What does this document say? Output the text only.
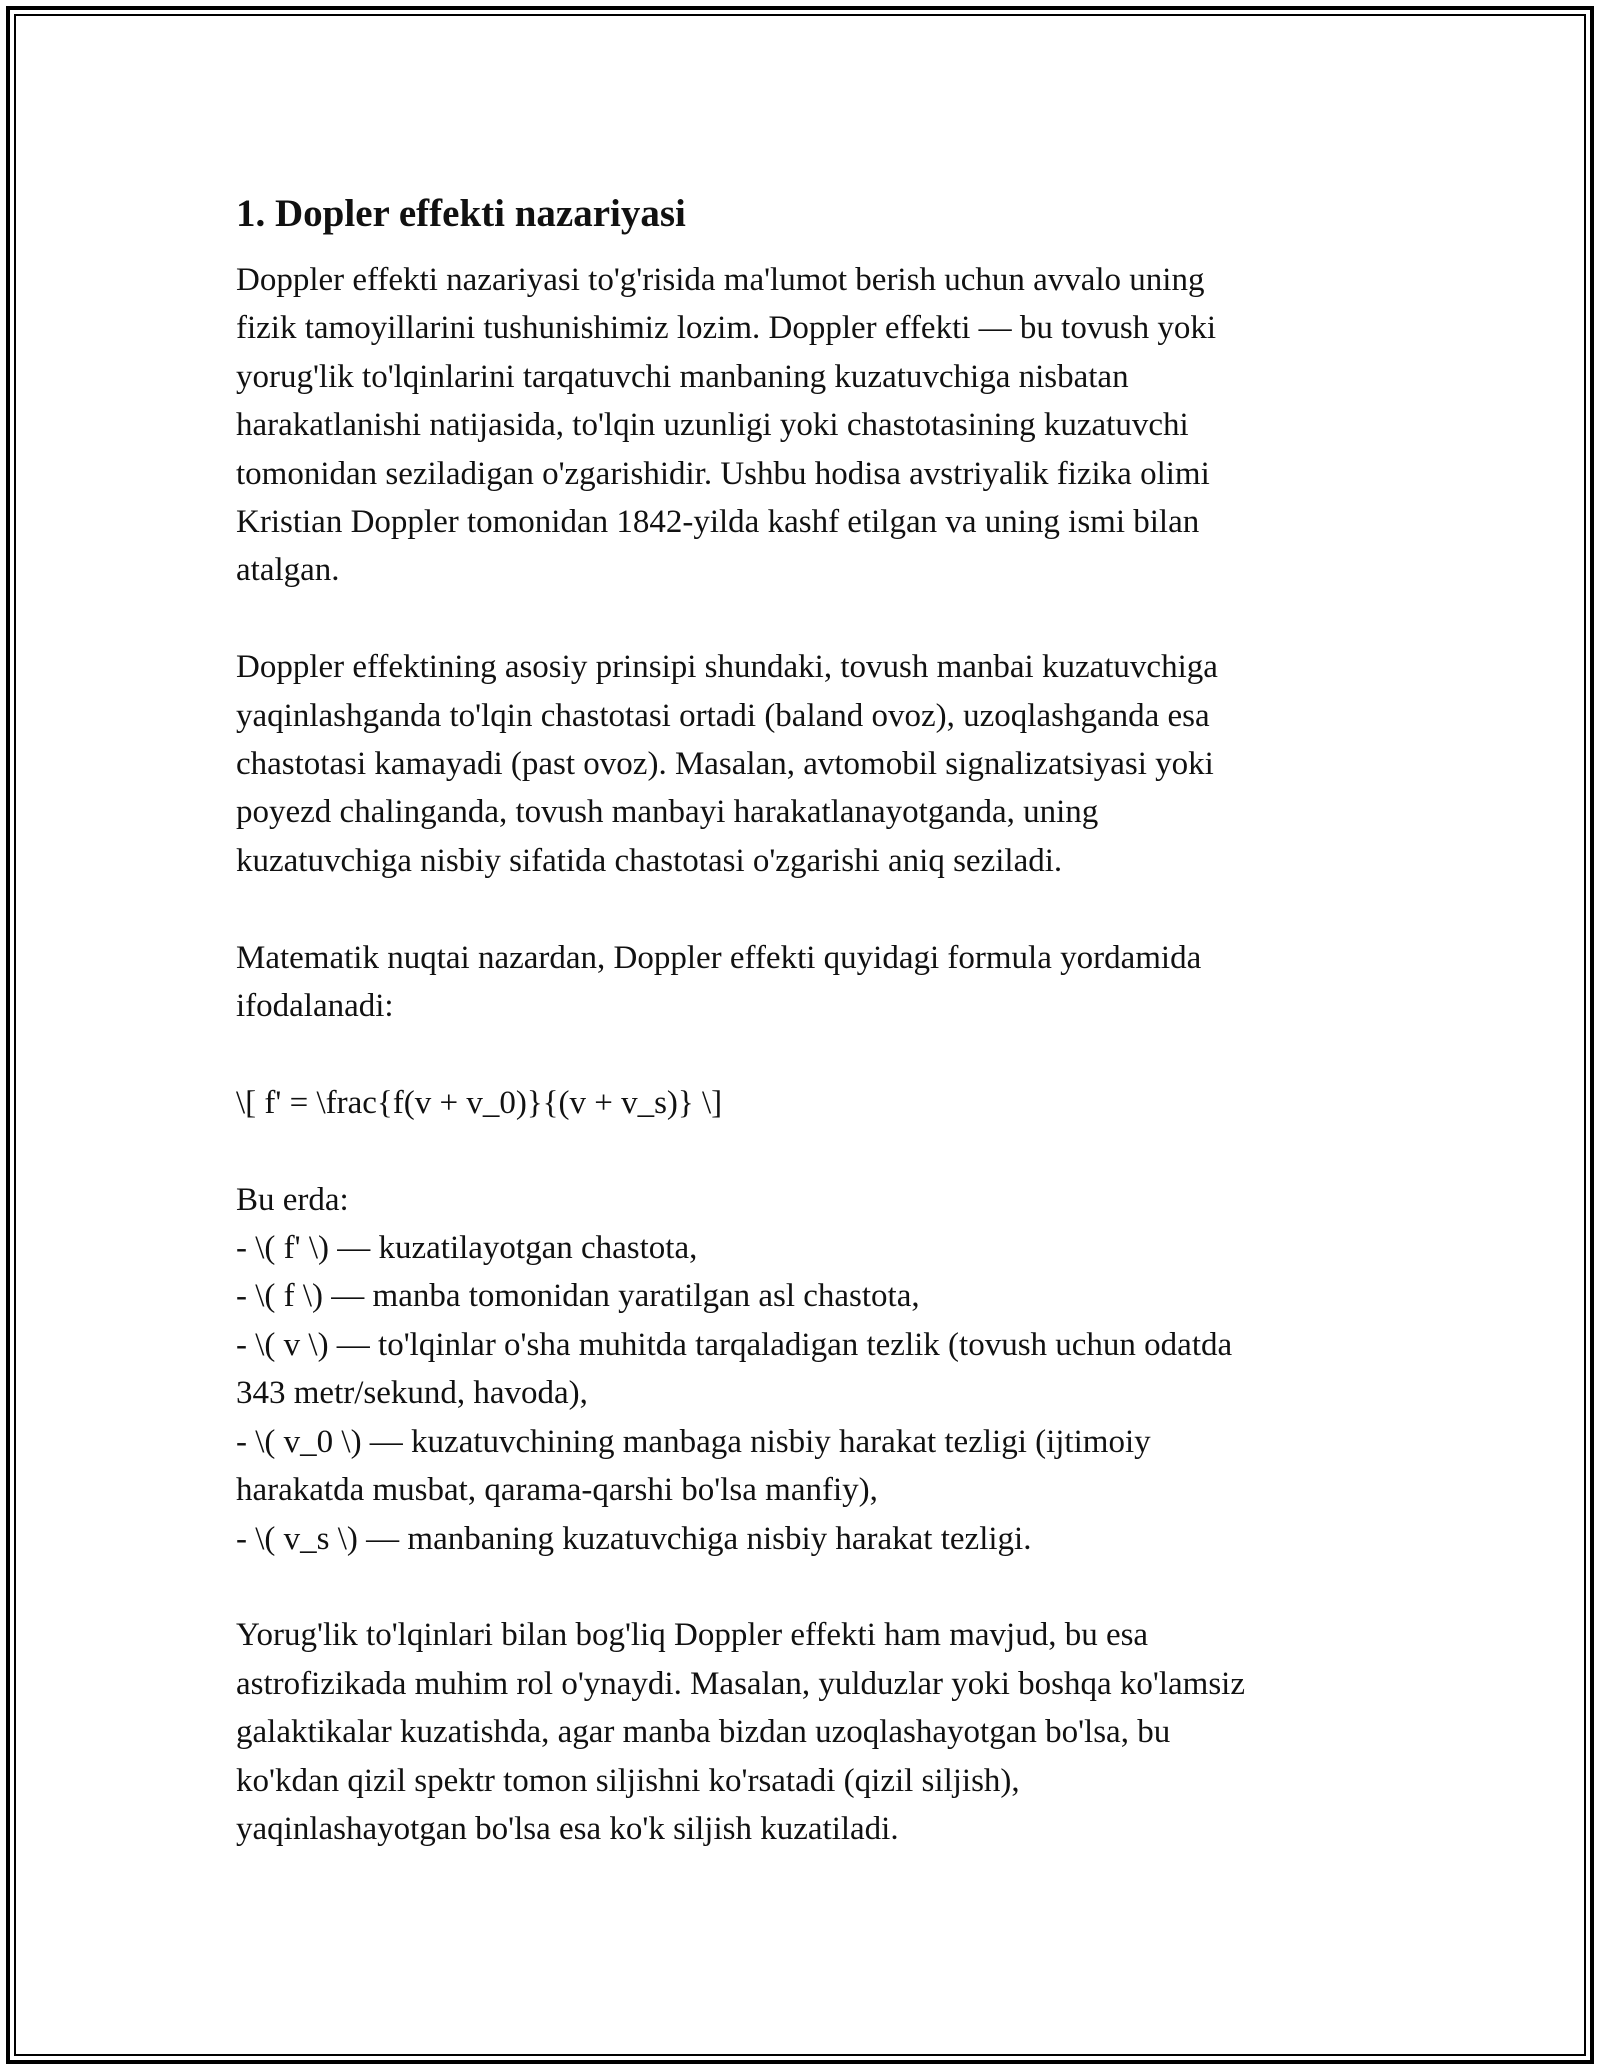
1. Dopler effekti nazariyasi

Doppler effekti nazariyasi to'g'risida ma'lumot berish uchun avvalo uning
fizik tamoyillarini tushunishimiz lozim. Doppler effekti — bu tovush yoki
yorug'lik to'lqinlarini tarqatuvchi manbaning kuzatuvchiga nisbatan
harakatlanishi natijasida, to'lqin uzunligi yoki chastotasining kuzatuvchi
tomonidan seziladigan o'zgarishidir. Ushbu hodisa avstriyalik fizika olimi
Kristian Doppler tomonidan 1842-yilda kashf etilgan va uning ismi bilan
atalgan.

Doppler effektining asosiy prinsipi shundaki, tovush manbai kuzatuvchiga
yaqinlashganda to'lqin chastotasi ortadi (baland ovoz), uzoqlashganda esa
chastotasi kamayadi (past ovoz). Masalan, avtomobil signalizatsiyasi yoki
poyezd chalinganda, tovush manbayi harakatlanayotganda, uning
kuzatuvchiga nisbiy sifatida chastotasi o'zgarishi aniq seziladi.

Matematik nuqtai nazardan, Doppler effekti quyidagi formula yordamida
ifodalanadi:

\[ f' = \frac{f(v + v_0)}{(v + v_s)} \]

Bu erda:
- \( f' \) — kuzatilayotgan chastota,
- \( f \) — manba tomonidan yaratilgan asl chastota,
- \( v \) — to'lqinlar o'sha muhitda tarqaladigan tezlik (tovush uchun odatda
343 metr/sekund, havoda),
- \( v_0 \) — kuzatuvchining manbaga nisbiy harakat tezligi (ijtimoiy
harakatda musbat, qarama-qarshi bo'lsa manfiy),
- \( v_s \) — manbaning kuzatuvchiga nisbiy harakat tezligi.

Yorug'lik to'lqinlari bilan bog'liq Doppler effekti ham mavjud, bu esa
astrofizikada muhim rol o'ynaydi. Masalan, yulduzlar yoki boshqa ko'lamsiz
galaktikalar kuzatishda, agar manba bizdan uzoqlashayotgan bo'lsa, bu
ko'kdan qizil spektr tomon siljishni ko'rsatadi (qizil siljish),
yaqinlashayotgan bo'lsa esa ko'k siljish kuzatiladi.
